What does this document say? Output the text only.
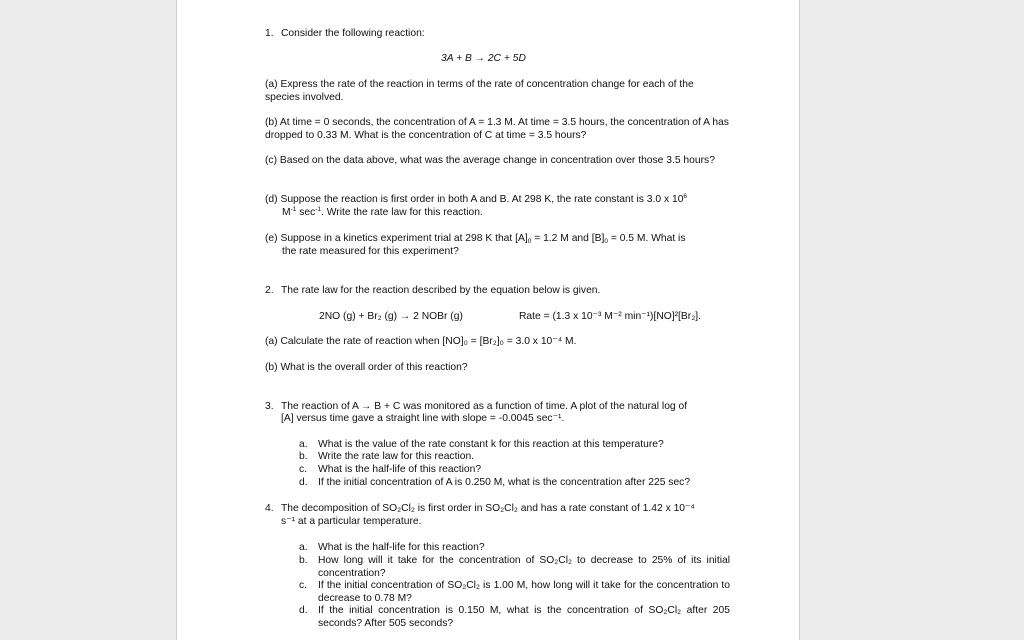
1. Consider the following reaction:
3A + B → 2C + 5D
(a) Express the rate of the reaction in terms of the rate of concentration change for each of the species involved.
(b) At time = 0 seconds, the concentration of A = 1.3 M. At time = 3.5 hours, the concentration of A has dropped to 0.33 M. What is the concentration of C at time = 3.5 hours?
(c) Based on the data above, what was the average change in concentration over those 3.5 hours?
(d) Suppose the reaction is first order in both A and B. At 298 K, the rate constant is 3.0 x $10^6$
$M^{-1}$ $\sec^{-1}$. Write the rate law for this reaction.
(e) Suppose in a kinetics experiment trial at 298 K that $[A]_0 = 1.2$ M and $[B]_0 = 0.5$ M. What is
the rate measured for this experiment?
2. The rate law for the reaction described by the equation below is given.
2NO (g) + Br₂ (g) → 2 NOBr (g)	Rate = (1.3 x 10⁻³ M⁻² min⁻¹)[NO]²[Br₂].
(a) Calculate the rate of reaction when [NO]₀ = [Br₂]₀ = 3.0 x 10⁻⁴ M.
(b) What is the overall order of this reaction?
3. The reaction of A → B + C was monitored as a function of time. A plot of the natural log of
[A] versus time gave a straight line with slope = -0.0045 sec⁻¹.
a. What is the value of the rate constant k for this reaction at this temperature?
b. Write the rate law for this reaction.
c. What is the half-life of this reaction?
d. If the initial concentration of A is 0.250 M, what is the concentration after 225 sec?
4. The decomposition of SO₂Cl₂ is first order in SO₂Cl₂ and has a rate constant of 1.42 x 10⁻⁴
s⁻¹ at a particular temperature.
a. What is the half-life for this reaction?
b. How long will it take for the concentration of SO₂Cl₂ to decrease to 25% of its initial concentration?
c. If the initial concentration of SO₂Cl₂ is 1.00 M, how long will it take for the concentration to decrease to 0.78 M?
d. If the initial concentration is 0.150 M, what is the concentration of SO₂Cl₂ after 205 seconds? After 505 seconds?
